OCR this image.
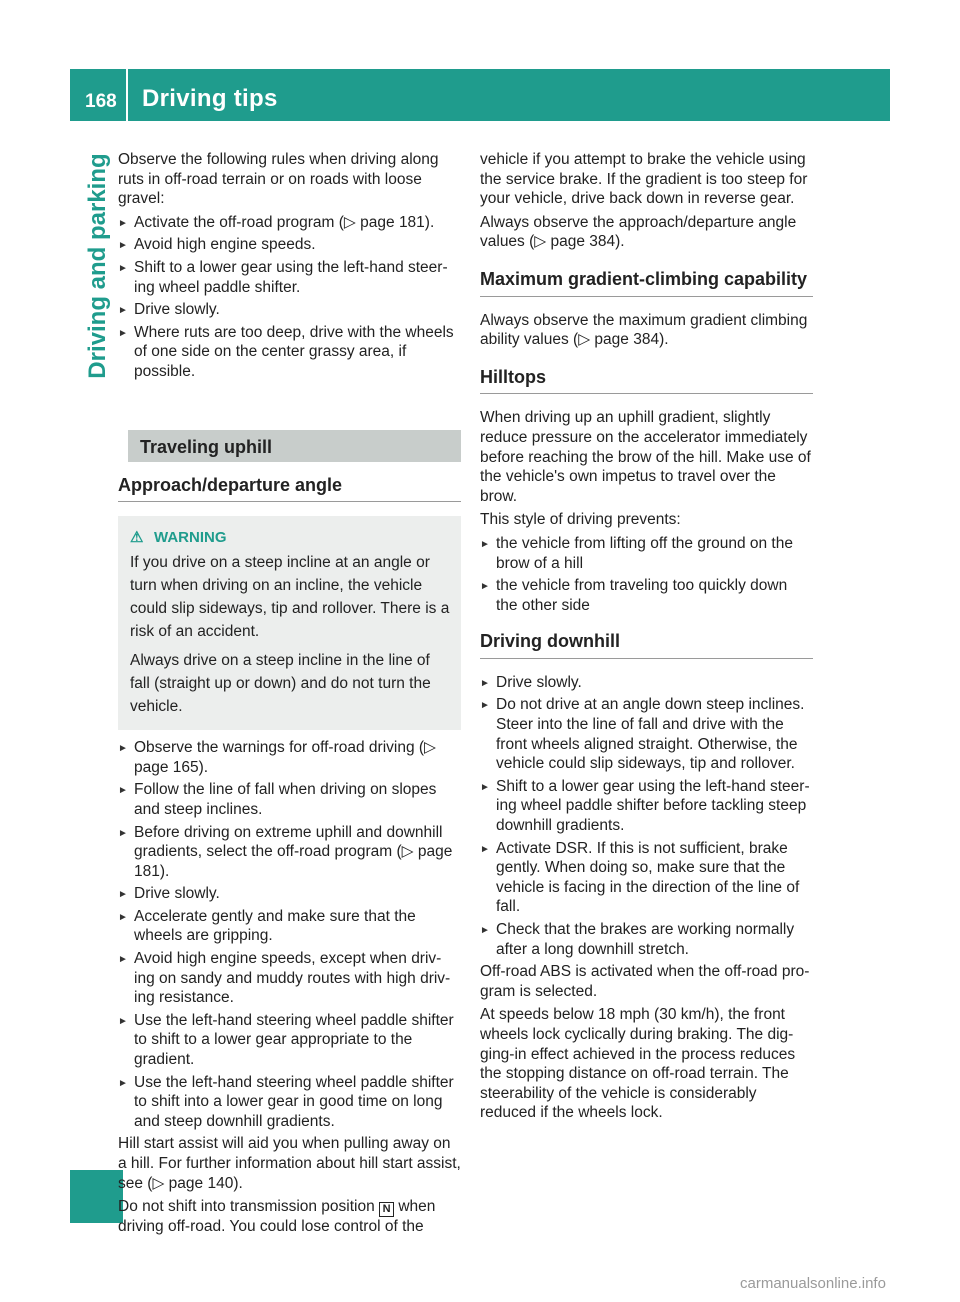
168 Driving tips
Driving and parking Observe the following rules when driving along ruts in off-road terrain or on roads with loose gravel:

► Activate the off-road program (▷ page 181).
► Avoid high engine speeds.
► Shift to a lower gear using the left-hand steer- ing wheel paddle shifter.
► Drive slowly.
► Where ruts are too deep, drive with the wheels of one side on the center grassy area, if possible.
Traveling uphill
Approach/departure angle
⚠ WARNING

If you drive on a steep incline at an angle or turn when driving on an incline, the vehicle could slip sideways, tip and rollover. There is a risk of an accident.

Always drive on a steep incline in the line of fall (straight up or down) and do not turn the vehicle.

► Observe the warnings for off-road driving (▷ page 165).
► Follow the line of fall when driving on slopes and steep inclines.
► Before driving on extreme uphill and downhill gradients, select the off-road program (▷ page 181).
► Drive slowly.
► Accelerate gently and make sure that the wheels are gripping.
► Avoid high engine speeds, except when driv- ing on sandy and muddy routes with high driv- ing resistance.
► Use the left-hand steering wheel paddle shifter to shift to a lower gear appropriate to the gradient.
► Use the left-hand steering wheel paddle shifter to shift into a lower gear in good time on long and steep downhill gradients.

Hill start assist will aid you when pulling away on a hill. For further information about hill start assist, see (▷ page 140).

Do not shift into transmission position N when driving off-road. You could lose control of the

vehicle if you attempt to brake the vehicle using the service brake. If the gradient is too steep for your vehicle, drive back down in reverse gear.

Always observe the approach/departure angle values (▷ page 384).

Maximum gradient-climbing capability

Always observe the maximum gradient climbing ability values (▷ page 384).

Hilltops

When driving up an uphill gradient, slightly reduce pressure on the accelerator immediately before reaching the brow of the hill. Make use of the vehicle's own impetus to travel over the brow.

This style of driving prevents:

► the vehicle from lifting off the ground on the brow of a hill
► the vehicle from traveling too quickly down the other side
Driving downhill
► Drive slowly.
► Do not drive at an angle down steep inclines. Steer into the line of fall and drive with the front wheels aligned straight. Otherwise, the vehicle could slip sideways, tip and rollover.
► Shift to a lower gear using the left-hand steer- ing wheel paddle shifter before tackling steep downhill gradients.
► Activate DSR. If this is not sufficient, brake gently. When doing so, make sure that the vehicle is facing in the direction of the line of fall.
► Check that the brakes are working normally after a long downhill stretch.

Off-road ABS is activated when the off-road pro- gram is selected.

At speeds below 18 mph (30 km/h), the front wheels lock cyclically during braking. The dig- ging-in effect achieved in the process reduces the stopping distance on off-road terrain. The steerability of the vehicle is considerably reduced if the wheels lock.

carmanualsonline.info
